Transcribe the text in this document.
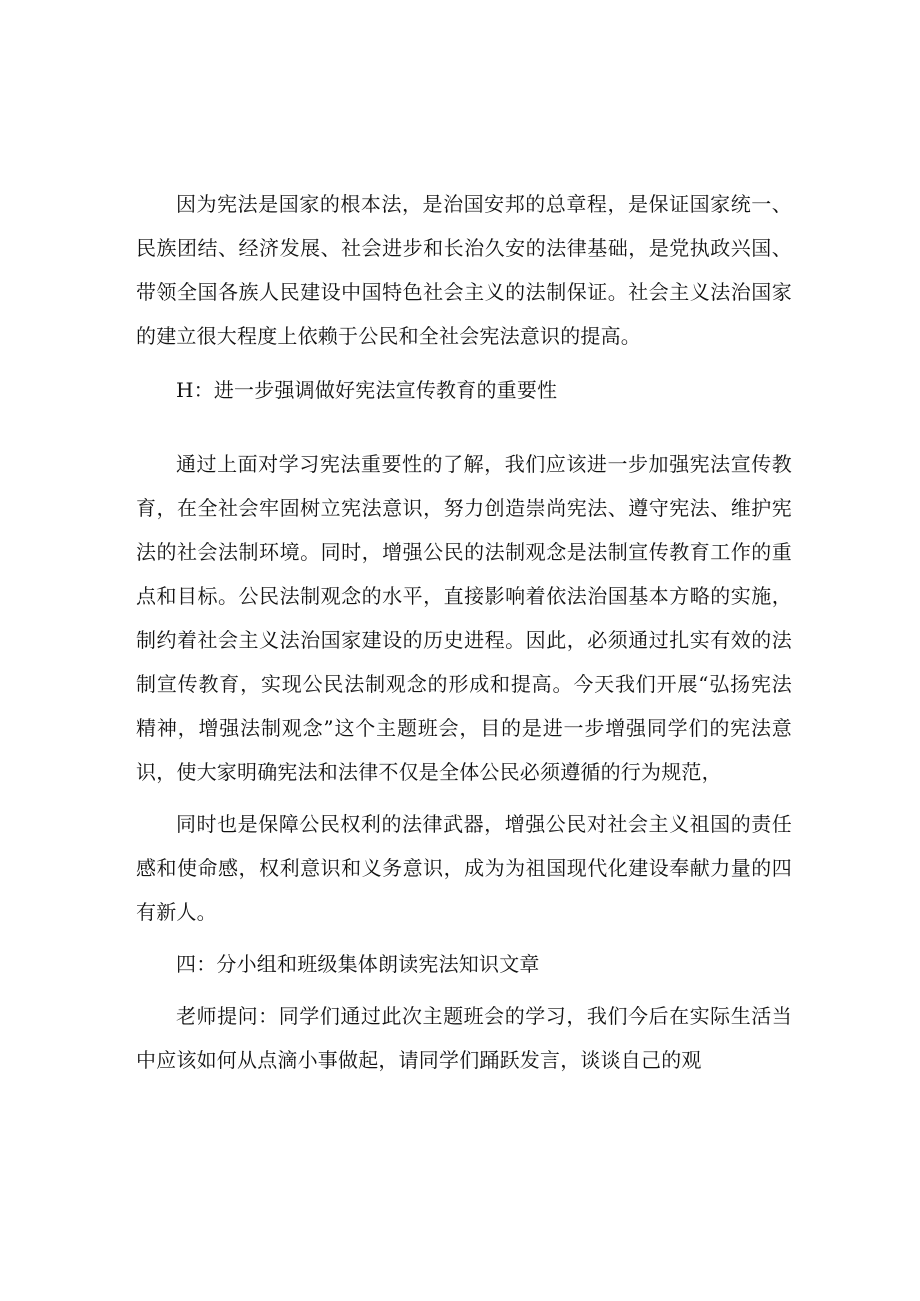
因为宪法是国家的根本法，是治国安邦的总章程，是保证国家统一、民族团结、经济发展、社会进步和长治久安的法律基础，是党执政兴国、带领全国各族人民建设中国特色社会主义的法制保证。社会主义法治国家的建立很大程度上依赖于公民和全社会宪法意识的提高。

H：进一步强调做好宪法宣传教育的重要性

通过上面对学习宪法重要性的了解，我们应该进一步加强宪法宣传教育，在全社会牢固树立宪法意识，努力创造崇尚宪法、遵守宪法、维护宪法的社会法制环境。同时，增强公民的法制观念是法制宣传教育工作的重点和目标。公民法制观念的水平，直接影响着依法治国基本方略的实施，制约着社会主义法治国家建设的历史进程。因此，必须通过扎实有效的法制宣传教育，实现公民法制观念的形成和提高。今天我们开展“弘扬宪法精神，增强法制观念”这个主题班会，目的是进一步增强同学们的宪法意识，使大家明确宪法和法律不仅是全体公民必须遵循的行为规范，

同时也是保障公民权利的法律武器，增强公民对社会主义祖国的责任感和使命感，权利意识和义务意识，成为为祖国现代化建设奉献力量的四有新人。

四：分小组和班级集体朗读宪法知识文章

老师提问：同学们通过此次主题班会的学习，我们今后在实际生活当中应该如何从点滴小事做起，请同学们踊跃发言，谈谈自己的观
